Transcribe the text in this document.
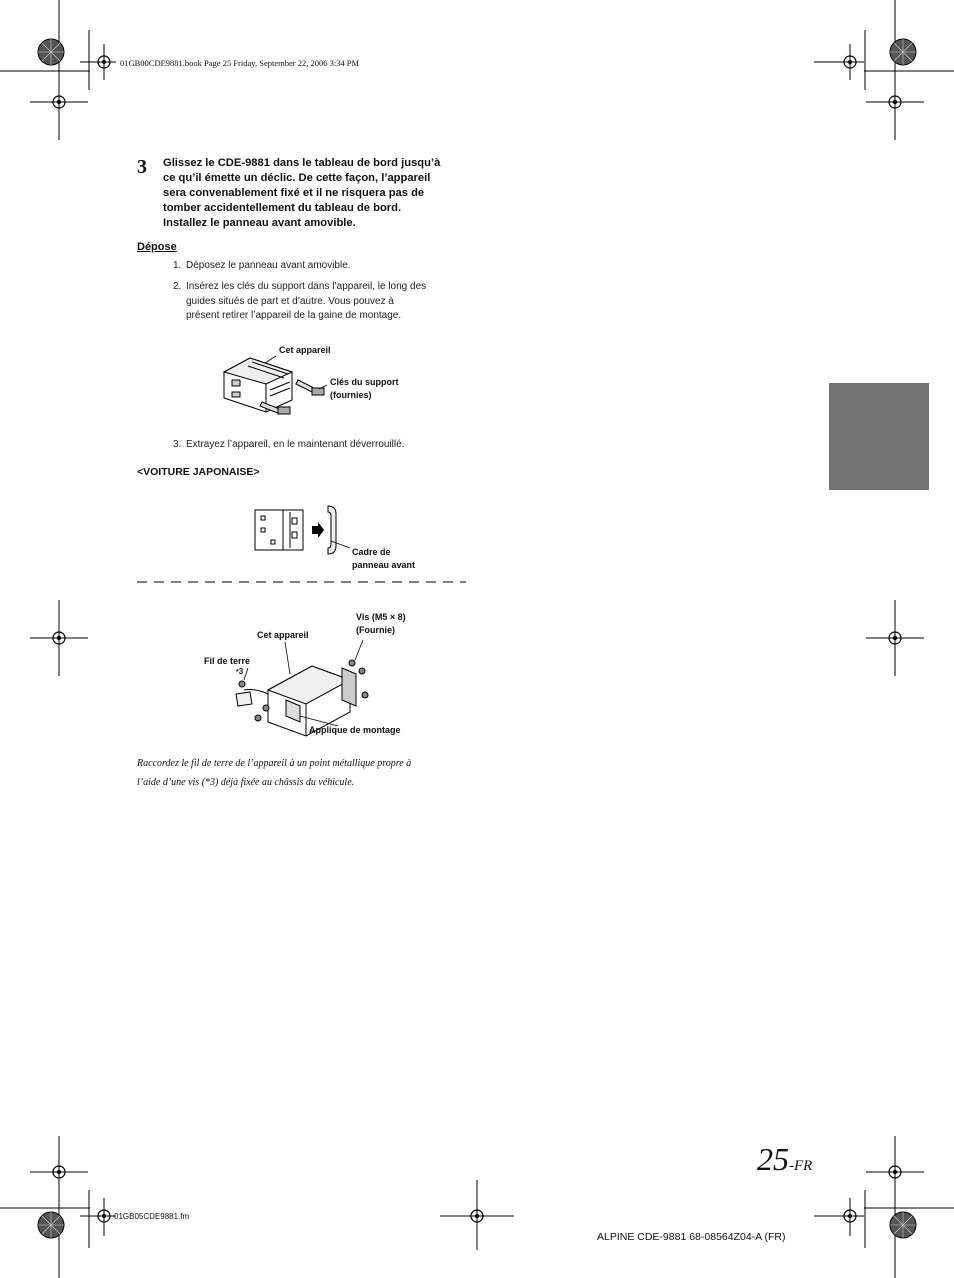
01GB00CDE9881.book Page 25 Friday, September 22, 2006 3:34 PM
3 Glissez le CDE-9881 dans le tableau de bord jusqu’à
ce qu’il émette un déclic. De cette façon, l’appareil
sera convenablement fixé et il ne risquera pas de
tomber accidentellement du tableau de bord.
Installez le panneau avant amovible.
Dépose
1. Déposez le panneau avant amovible.
2. Insérez les clés du support dans l’appareil, le long des
guides situés de part et d’autre. Vous pouvez à
présent retirer l’appareil de la gaine de montage.
Cet appareil
Clés du support
(fournies)
3. Extrayez l’appareil, en le maintenant déverrouillé.
<VOITURE JAPONAISE>
Cadre de
panneau avant
Vis (M5 × 8)
(Fournie)
Cet appareil
Fil de terre
*3
Applique de montage
Raccordez le fil de terre de l’appareil à un point métallique propre à
l’aide d’une vis (*3) déjà fixée au châssis du véhicule.
25-FR
01GB05CDE9881.fm
ALPINE CDE-9881 68-08564Z04-A (FR)
